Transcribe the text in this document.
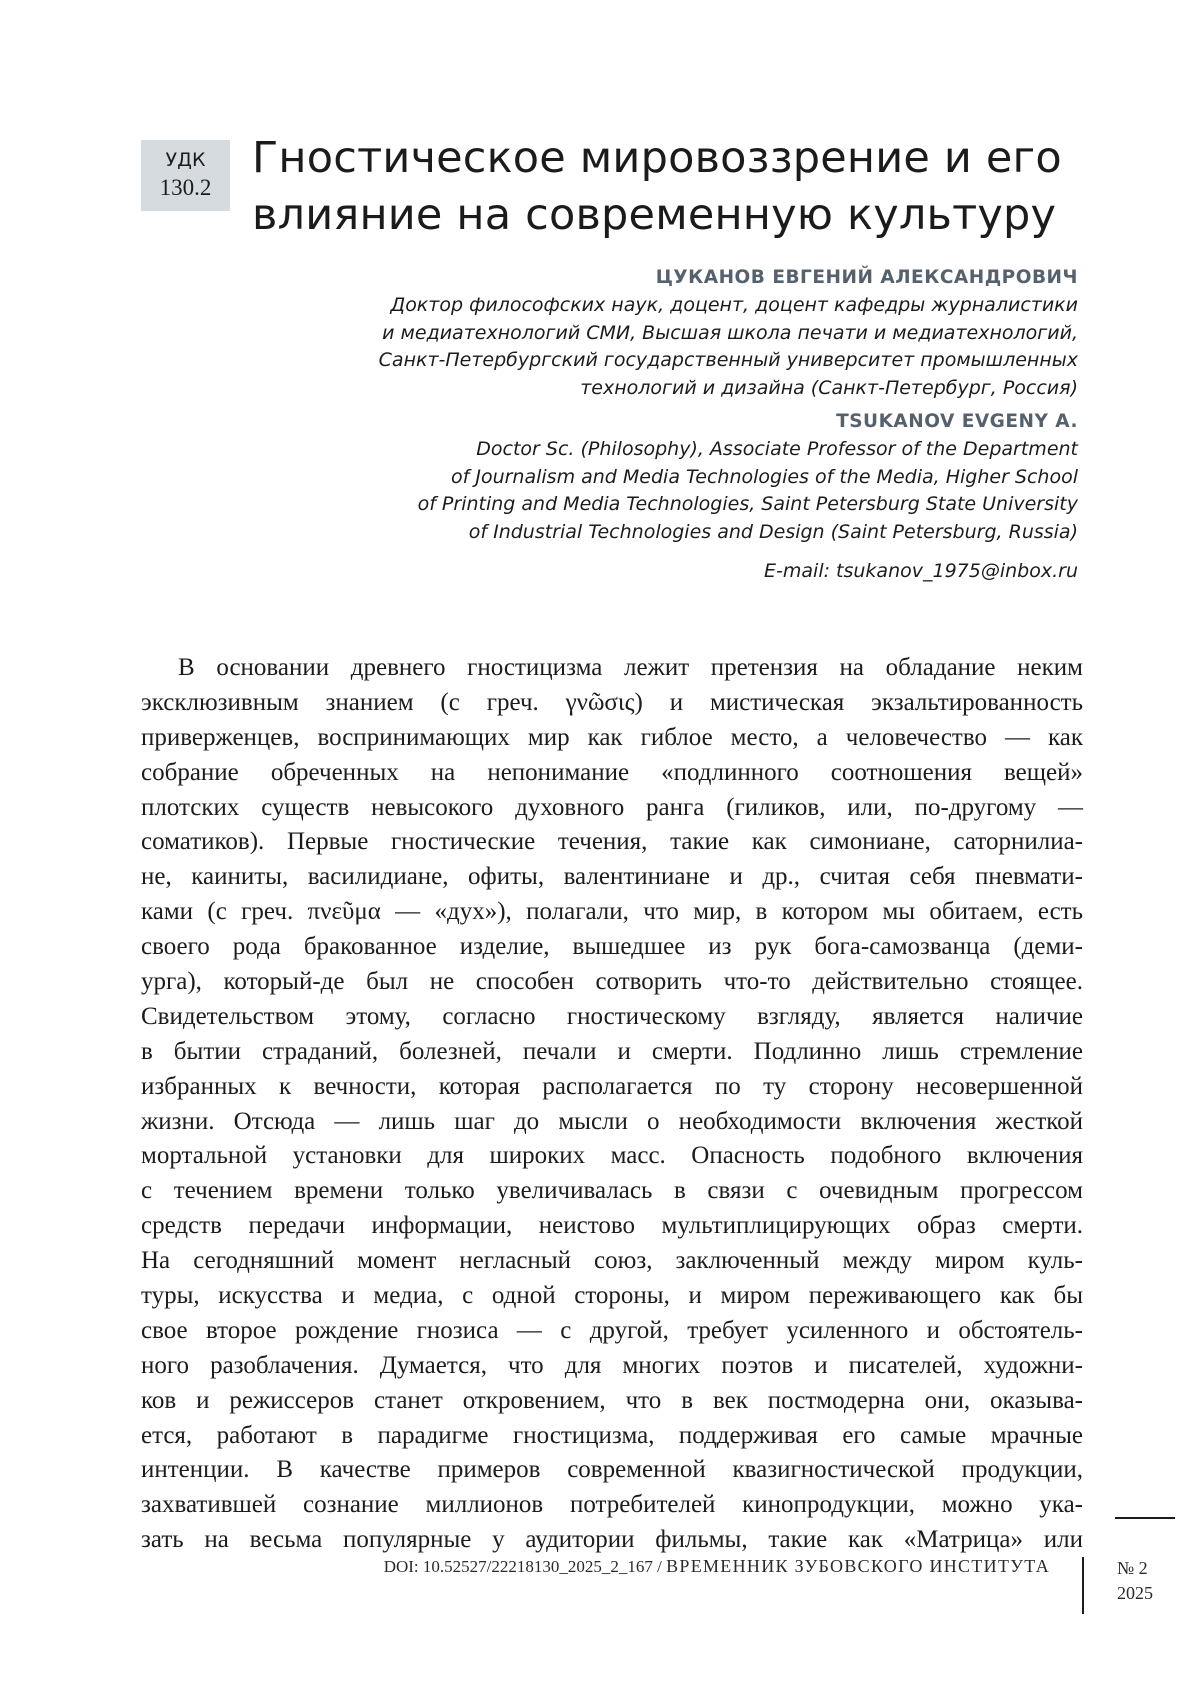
УДК
130.2
Гностическое мировоззрение и его
влияние на современную культуру
ЦУКАНОВ ЕВГЕНИЙ АЛЕКСАНДРОВИЧ
Доктор философских наук, доцент, доцент кафедры журналистики
и медиатехнологий СМИ, Высшая школа печати и медиатехнологий,
Санкт-Петербургский государственный университет промышленных
технологий и дизайна (Санкт-Петербург, Россия)
TSUKANOV EVGENY A.
Doctor Sc. (Philosophy), Associate Professor of the Department
of Journalism and Media Technologies of the Media, Higher School
of Printing and Media Technologies, Saint Petersburg State University
of Industrial Technologies and Design (Saint Petersburg, Russia)
E-mail: tsukanov_1975@inbox.ru
В основании древнего гностицизма лежит претензия на обладание неким
эксклюзивным знанием (с греч. γνῶσις) и мистическая экзальтированность
приверженцев, воспринимающих мир как гиблое место, а человечество — как
собрание обреченных на непонимание «подлинного соотношения вещей»
плотских существ невысокого духовного ранга (гиликов, или, по-другому —
соматиков). Первые гностические течения, такие как симониане, саторнилиа-
не, каиниты, василидиане, офиты, валентиниане и др., считая себя пневмати-
ками (с греч. πνεῦμα — «дух»), полагали, что мир, в котором мы обитаем, есть
своего рода бракованное изделие, вышедшее из рук бога-самозванца (деми-
урга), который-де был не способен сотворить что-то действительно стоящее.
Свидетельством этому, согласно гностическому взгляду, является наличие
в бытии страданий, болезней, печали и смерти. Подлинно лишь стремление
избранных к вечности, которая располагается по ту сторону несовершенной
жизни. Отсюда — лишь шаг до мысли о необходимости включения жесткой
мортальной установки для широких масс. Опасность подобного включения
с течением времени только увеличивалась в связи с очевидным прогрессом
средств передачи информации, неистово мультиплицирующих образ смерти.
На сегодняшний момент негласный союз, заключенный между миром куль-
туры, искусства и медиа, с одной стороны, и миром переживающего как бы
свое второе рождение гнозиса — с другой, требует усиленного и обстоятель-
ного разоблачения. Думается, что для многих поэтов и писателей, художни-
ков и режиссеров станет откровением, что в век постмодерна они, оказыва-
ется, работают в парадигме гностицизма, поддерживая его самые мрачные
интенции. В качестве примеров современной квазигностической продукции,
захватившей сознание миллионов потребителей кинопродукции, можно ука-
зать на весьма популярные у аудитории фильмы, такие как «Матрица» или
DOI: 10.52527/22218130_2025_2_167 / ВРЕМЕННИК ЗУБОВСКОГО ИНСТИТУТА	№ 2
2025
